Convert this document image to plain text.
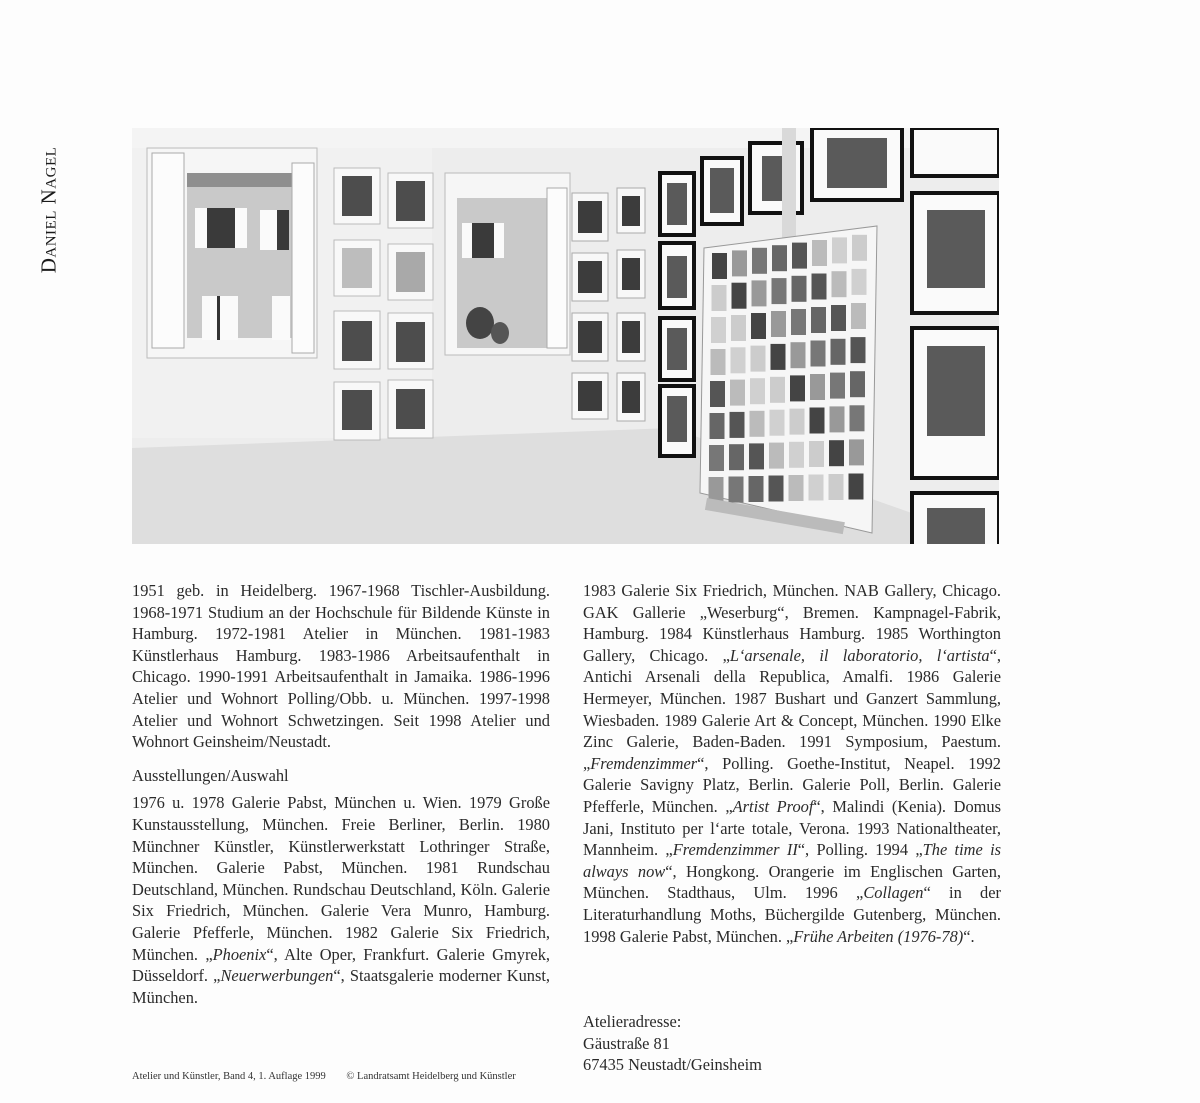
Daniel Nagel

1951 geb. in Heidelberg. 1967-1968 Tischler-Ausbildung. 1968-1971 Studium an der Hochschule für Bildende Künste in Hamburg. 1972-1981 Atelier in München. 1981-1983 Künstlerhaus Hamburg. 1983-1986 Arbeitsaufenthalt in Chicago. 1990-1991 Arbeitsaufenthalt in Jamaika. 1986-1996 Atelier und Wohnort Polling/Obb. u. München. 1997-1998 Atelier und Wohnort Schwetzingen. Seit 1998 Atelier und Wohnort Geinsheim/Neustadt.

Ausstellungen/Auswahl

1976 u. 1978 Galerie Pabst, München u. Wien. 1979 Große Kunstausstellung, München. Freie Berliner, Berlin. 1980 Münchner Künstler, Künstlerwerkstatt Lothringer Straße, München. Galerie Pabst, München. 1981 Rundschau Deutschland, München. Rundschau Deutschland, Köln. Galerie Six Friedrich, München. Galerie Vera Munro, Hamburg. Galerie Pfefferle, München. 1982 Galerie Six Friedrich, München. „Phoenix“, Alte Oper, Frankfurt. Galerie Gmyrek, Düsseldorf. „Neuerwerbungen“, Staatsgalerie moderner Kunst, München.

1983 Galerie Six Friedrich, München. NAB Gallery, Chicago. GAK Gallerie „Weserburg“, Bremen. Kampnagel-Fabrik, Hamburg. 1984 Künstlerhaus Hamburg. 1985 Worthington Gallery, Chicago. „L‘arsenale, il laboratorio, l‘artista“, Antichi Arsenali della Republica, Amalfi. 1986 Galerie Hermeyer, München. 1987 Bushart und Ganzert Sammlung, Wiesbaden. 1989 Galerie Art & Concept, München. 1990 Elke Zinc Galerie, Baden-Baden. 1991 Symposium, Paestum. „Fremdenzimmer“, Polling. Goethe-Institut, Neapel. 1992 Galerie Savigny Platz, Berlin. Galerie Poll, Berlin. Galerie Pfefferle, München. „Artist Proof“, Malindi (Kenia). Domus Jani, Instituto per l‘arte totale, Verona. 1993 Nationaltheater, Mannheim. „Fremdenzimmer II“, Polling. 1994 „The time is always now“, Hongkong. Orangerie im Englischen Garten, München. Stadthaus, Ulm. 1996 „Collagen“ in der Literaturhandlung Moths, Büchergilde Gutenberg, München. 1998 Galerie Pabst, München. „Frühe Arbeiten (1976-78)“.

Atelieradresse:
Gäustraße 81
67435 Neustadt/Geinsheim
Atelier und Künstler, Band 4, 1. Auflage 1999 © Landratsamt Heidelberg und Künstler
